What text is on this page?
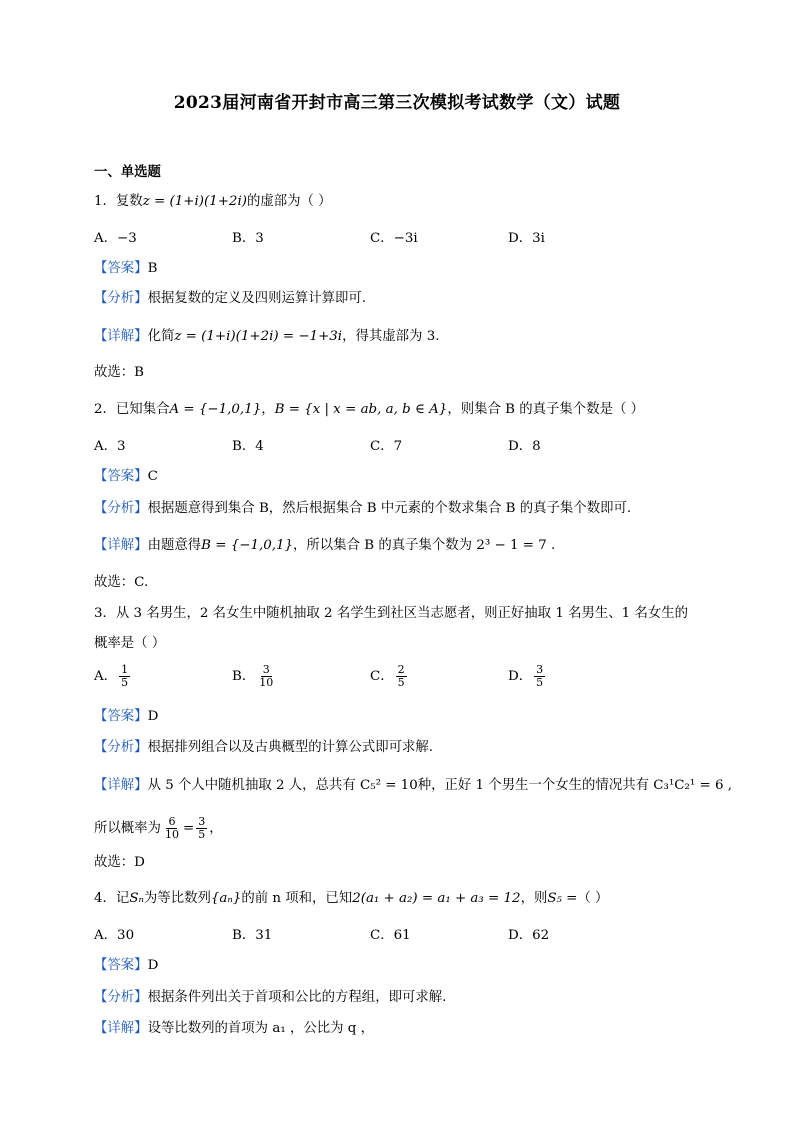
2023届河南省开封市高三第三次模拟考试数学（文）试题
一、单选题
1．复数z = (1+i)(1+2i)的虚部为（ ）
A．−3	B．3	C．−3i	D．3i
【答案】B
【分析】根据复数的定义及四则运算计算即可.
【详解】化简z = (1+i)(1+2i) = −1+3i，得其虚部为 3.
故选：B
2．已知集合A = {−1,0,1}，B = {x | x = ab, a, b ∈ A}，则集合 B 的真子集个数是（ ）
A．3	B．4	C．7	D．8
【答案】C
【分析】根据题意得到集合 B，然后根据集合 B 中元素的个数求集合 B 的真子集个数即可.
【详解】由题意得B = {−1,0,1}，所以集合 B 的真子集个数为 2³ − 1 = 7 .
故选：C.
3．从 3 名男生，2 名女生中随机抽取 2 名学生到社区当志愿者，则正好抽取 1 名男生、1 名女生的
概率是（ ）
A． $\frac{1}{5}$	B． $\frac{3}{10}$	C． $\frac{2}{5}$	D． $\frac{3}{5}$
【答案】D
【分析】根据排列组合以及古典概型的计算公式即可求解.
【详解】从 5 个人中随机抽取 2 人，总共有 C₅² = 10种，正好 1 个男生一个女生的情况共有 C₃¹C₂¹ = 6 ,
所以概率为 $\frac{6}{10} = \frac{3}{5}$ ，
故选：D
4．记Sₙ为等比数列{aₙ}的前 n 项和，已知2(a₁ + a₂) = a₁ + a₃ = 12，则S₅ =（ ）
A．30	B．31	C．61	D．62
【答案】D
【分析】根据条件列出关于首项和公比的方程组，即可求解.
【详解】设等比数列的首项为 a₁ ，公比为 q ，
